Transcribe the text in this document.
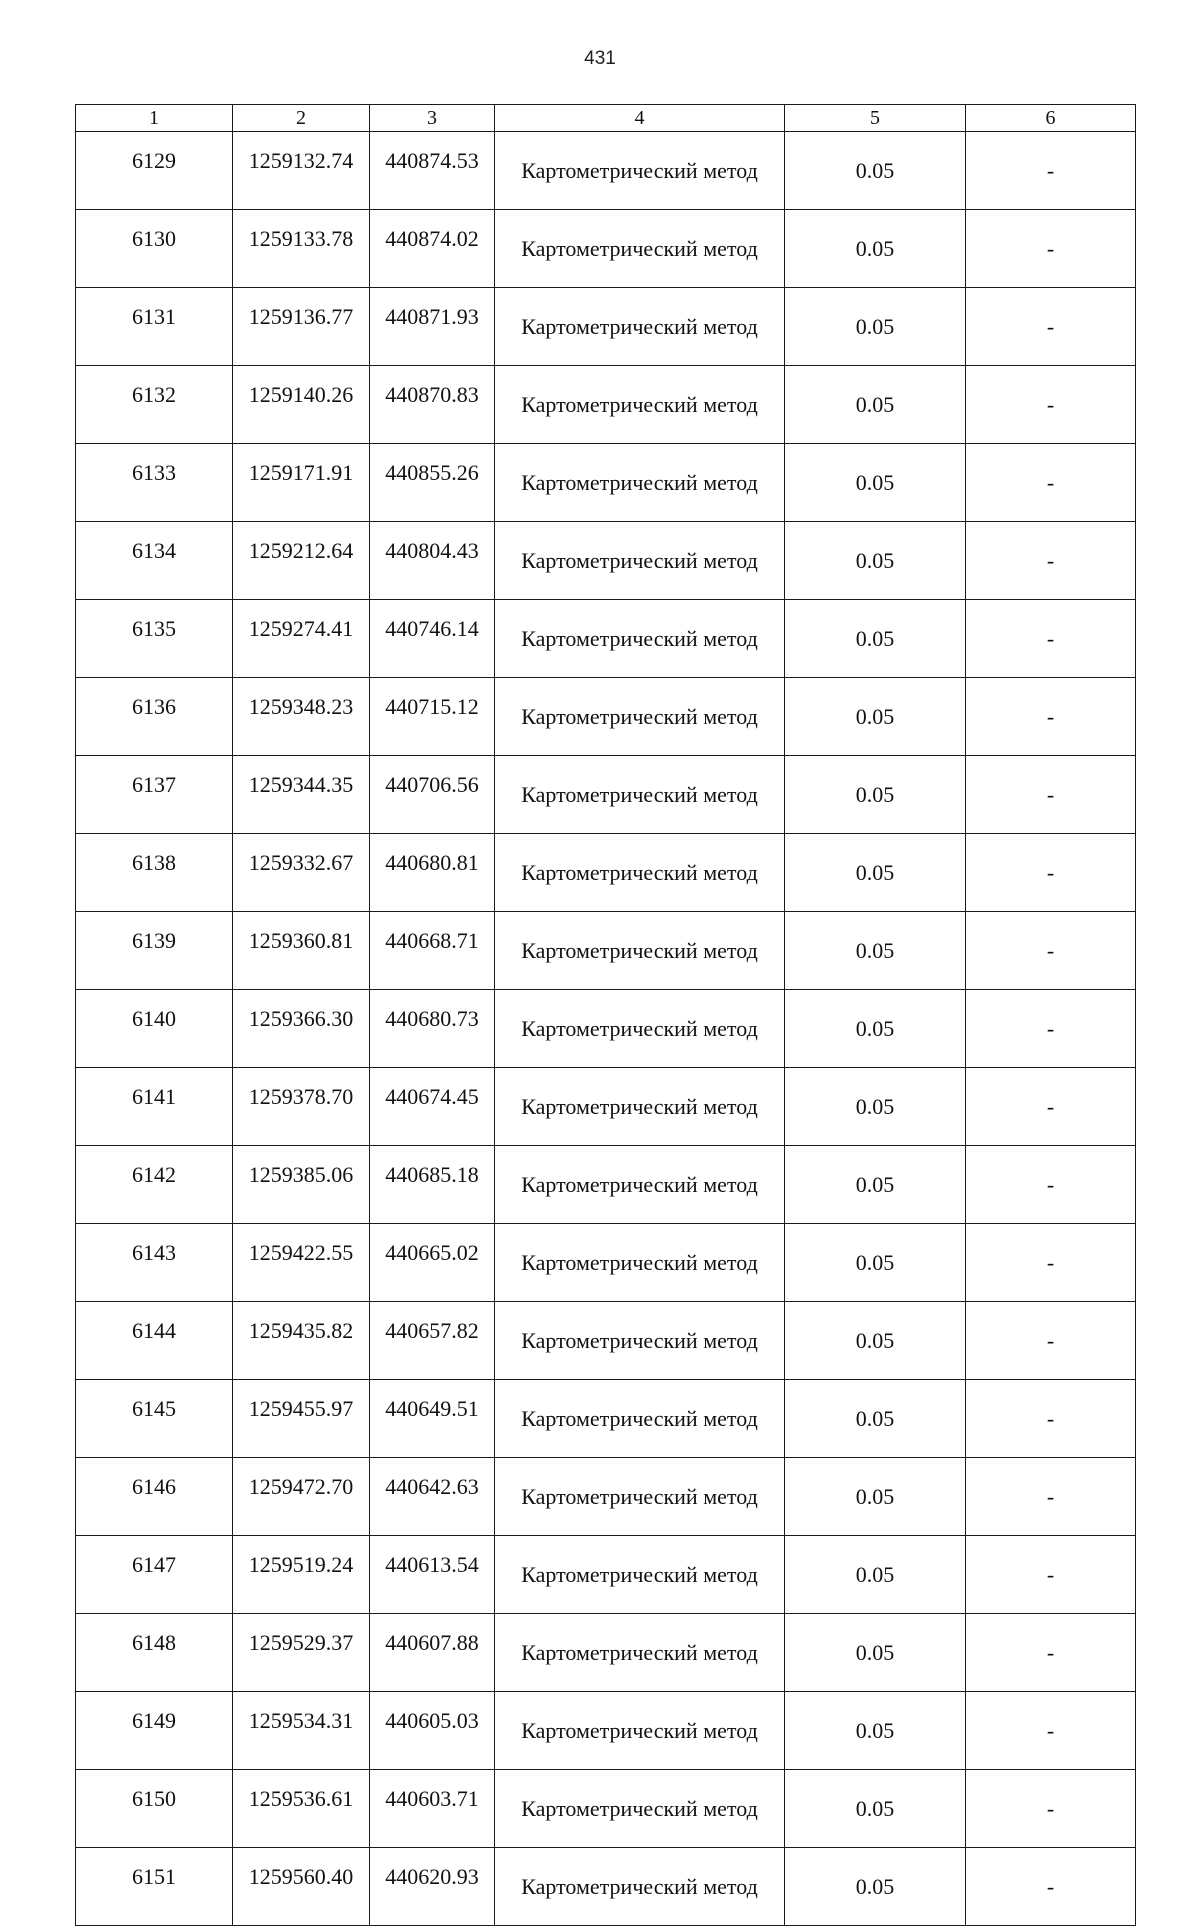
431
1	2	3	4	5	6
6129	1259132.74	440874.53	Картометрический метод	0.05	-
6130	1259133.78	440874.02	Картометрический метод	0.05	-
6131	1259136.77	440871.93	Картометрический метод	0.05	-
6132	1259140.26	440870.83	Картометрический метод	0.05	-
6133	1259171.91	440855.26	Картометрический метод	0.05	-
6134	1259212.64	440804.43	Картометрический метод	0.05	-
6135	1259274.41	440746.14	Картометрический метод	0.05	-
6136	1259348.23	440715.12	Картометрический метод	0.05	-
6137	1259344.35	440706.56	Картометрический метод	0.05	-
6138	1259332.67	440680.81	Картометрический метод	0.05	-
6139	1259360.81	440668.71	Картометрический метод	0.05	-
6140	1259366.30	440680.73	Картометрический метод	0.05	-
6141	1259378.70	440674.45	Картометрический метод	0.05	-
6142	1259385.06	440685.18	Картометрический метод	0.05	-
6143	1259422.55	440665.02	Картометрический метод	0.05	-
6144	1259435.82	440657.82	Картометрический метод	0.05	-
6145	1259455.97	440649.51	Картометрический метод	0.05	-
6146	1259472.70	440642.63	Картометрический метод	0.05	-
6147	1259519.24	440613.54	Картометрический метод	0.05	-
6148	1259529.37	440607.88	Картометрический метод	0.05	-
6149	1259534.31	440605.03	Картометрический метод	0.05	-
6150	1259536.61	440603.71	Картометрический метод	0.05	-
6151	1259560.40	440620.93	Картометрический метод	0.05	-
